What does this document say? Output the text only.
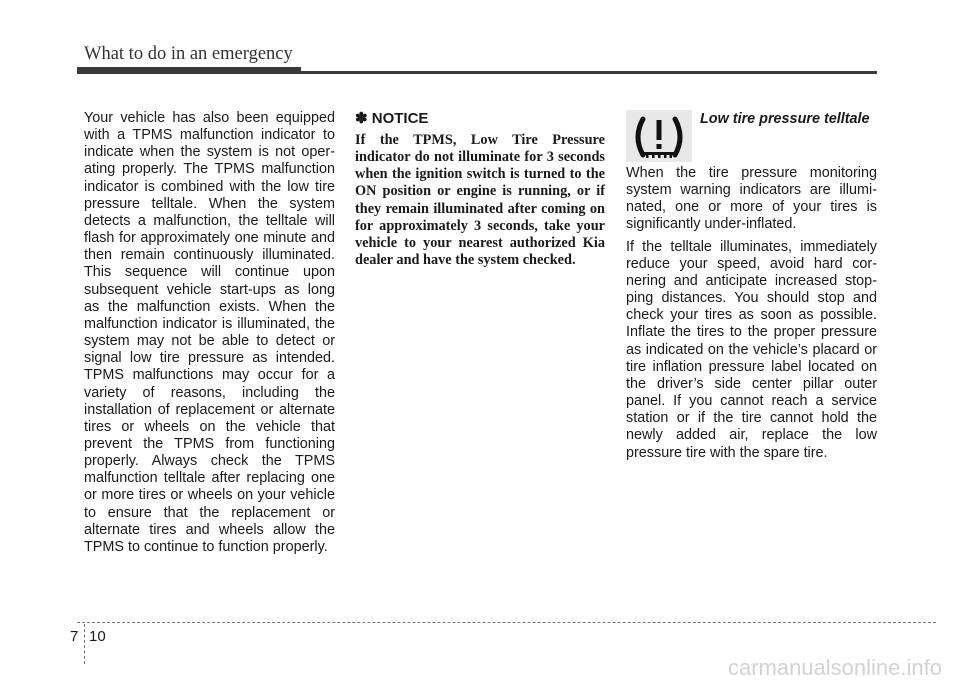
What to do in an emergency

Your vehicle has also been equipped with a TPMS malfunction indicator to indicate when the system is not operating properly. The TPMS malfunction indicator is combined with the low tire pressure telltale. When the system detects a malfunction, the telltale will flash for approximately one minute and then remain continuously illuminated. This sequence will continue upon subsequent vehicle start-ups as long as the malfunction exists. When the malfunction indicator is illuminated, the system may not be able to detect or signal low tire pressure as intended. TPMS malfunctions may occur for a variety of reasons, including the installation of replacement or alternate tires or wheels on the vehicle that prevent the TPMS from functioning properly. Always check the TPMS malfunction telltale after replacing one or more tires or wheels on your vehicle to ensure that the replacement or alternate tires and wheels allow the TPMS to continue to function properly.

✽ NOTICE

If the TPMS, Low Tire Pressure indicator do not illuminate for 3 seconds when the ignition switch is turned to the ON position or engine is running, or if they remain illuminated after coming on for approximately 3 seconds, take your vehicle to your nearest authorized Kia dealer and have the system checked.

Low tire pressure telltale

When the tire pressure monitoring system warning indicators are illuminated, one or more of your tires is significantly under-inflated.

If the telltale illuminates, immediately reduce your speed, avoid hard cornering and anticipate increased stopping distances. You should stop and check your tires as soon as possible. Inflate the tires to the proper pressure as indicated on the vehicle’s placard or tire inflation pressure label located on the driver’s side center pillar outer panel. If you cannot reach a service station or if the tire cannot hold the newly added air, replace the low pressure tire with the spare tire.

7 10
carmanualsonline.info
